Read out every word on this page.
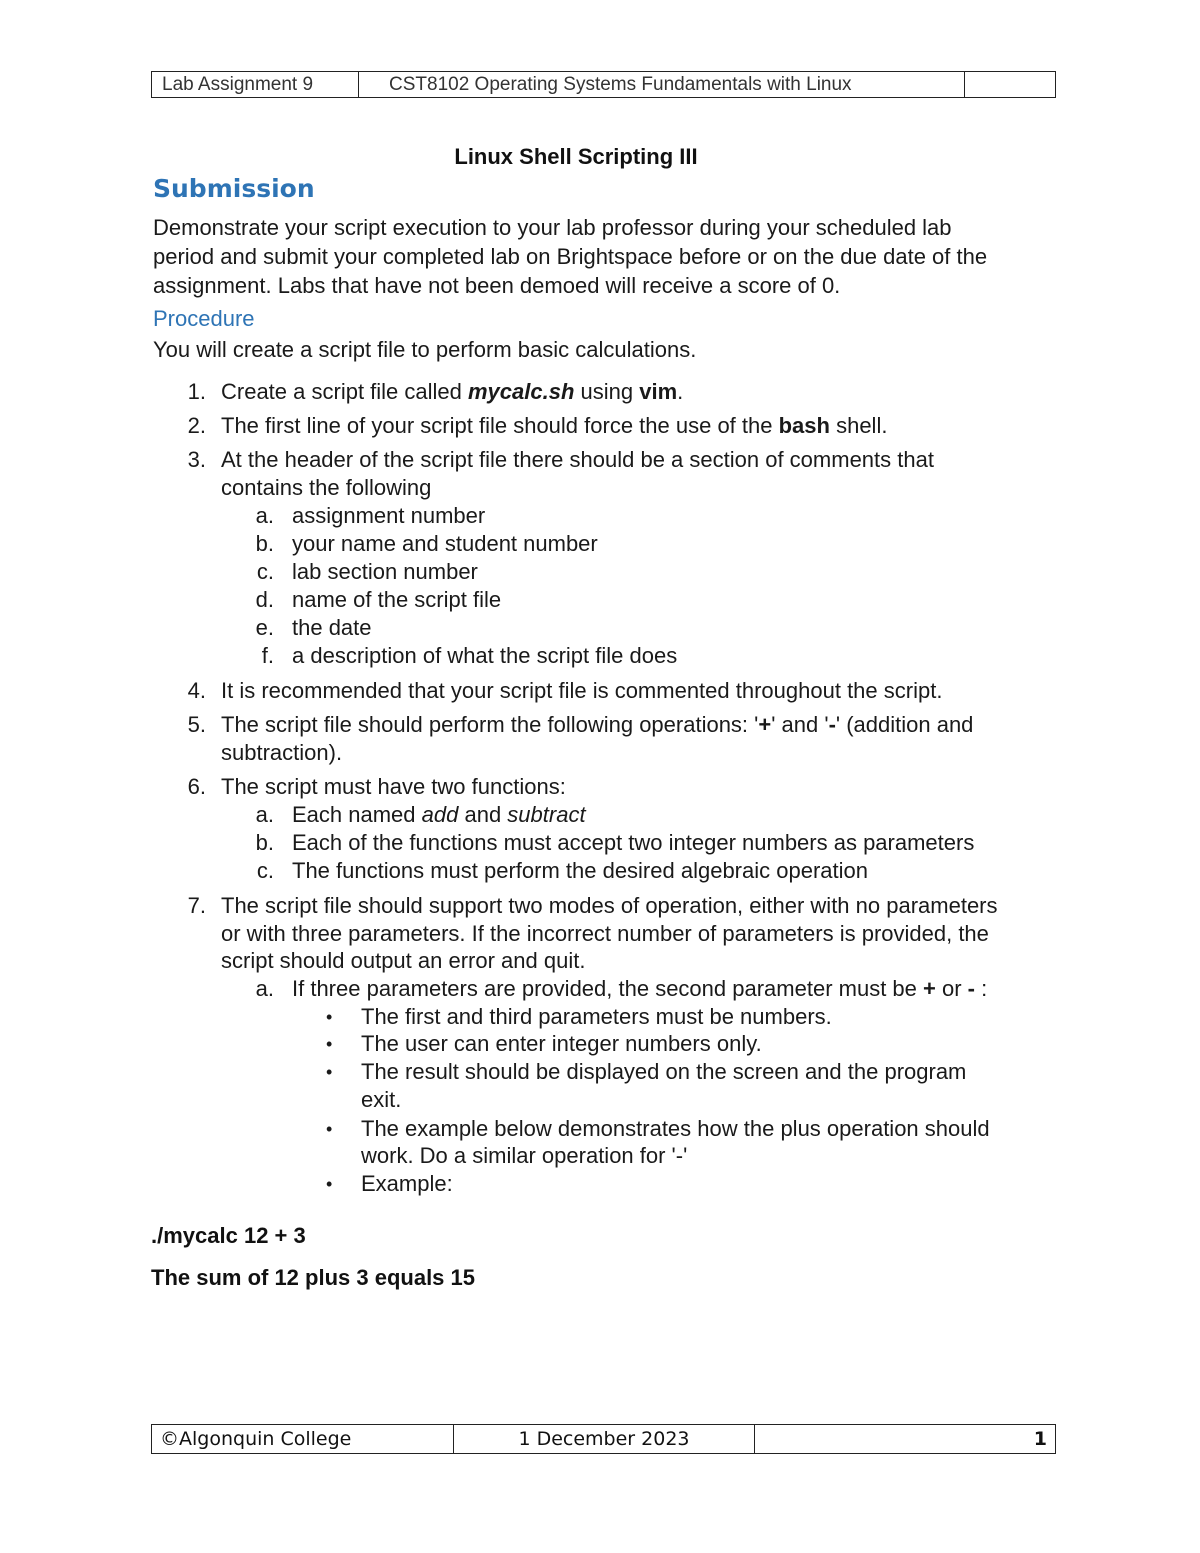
Lab Assignment 9	CST8102 Operating Systems Fundamentals with Linux	
Linux Shell Scripting III
Submission
Demonstrate your script execution to your lab professor during your scheduled lab
period and submit your completed lab on Brightspace before or on the due date of the
assignment. Labs that have not been demoed will receive a score of 0.
Procedure
You will create a script file to perform basic calculations.
1. Create a script file called mycalc.sh using vim.
2. The first line of your script file should force the use of the bash shell.
3. At the header of the script file there should be a section of comments that
contains the following
a. assignment number
b. your name and student number
c. lab section number
d. name of the script file
e. the date
f. a description of what the script file does
4. It is recommended that your script file is commented throughout the script.
5. The script file should perform the following operations: '+' and '-' (addition and
subtraction).
6. The script must have two functions:
a. Each named add and subtract
b. Each of the functions must accept two integer numbers as parameters
c. The functions must perform the desired algebraic operation
7. The script file should support two modes of operation, either with no parameters
or with three parameters. If the incorrect number of parameters is provided, the
script should output an error and quit.
a. If three parameters are provided, the second parameter must be + or - :
• The first and third parameters must be numbers.
• The user can enter integer numbers only.
• The result should be displayed on the screen and the program
exit.
• The example below demonstrates how the plus operation should
work. Do a similar operation for '-'
• Example:
./mycalc 12 + 3
The sum of 12 plus 3 equals 15
©Algonquin College	1 December 2023	1
